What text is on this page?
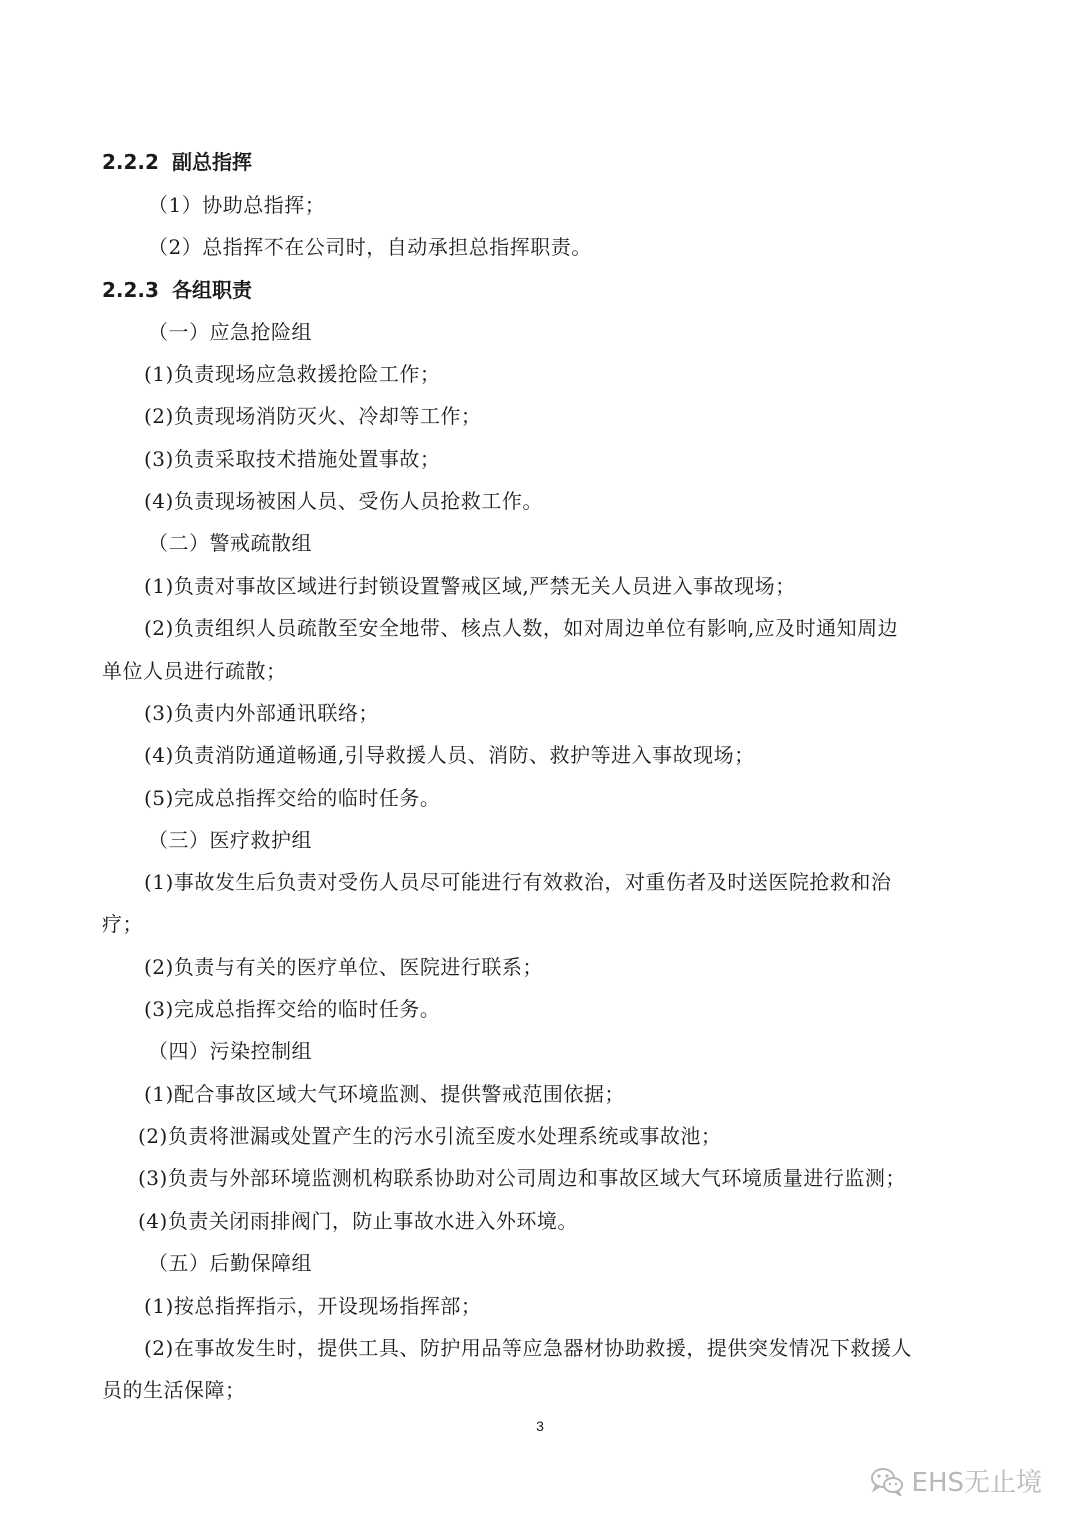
2.2.2 副总指挥
（1）协助总指挥；
（2）总指挥不在公司时，自动承担总指挥职责。
2.2.3 各组职责
（一）应急抢险组
(1)负责现场应急救援抢险工作；
(2)负责现场消防灭火、冷却等工作；
(3)负责采取技术措施处置事故；
(4)负责现场被困人员、受伤人员抢救工作。
（二）警戒疏散组
(1)负责对事故区域进行封锁设置警戒区域,严禁无关人员进入事故现场；
(2)负责组织人员疏散至安全地带、核点人数，如对周边单位有影响,应及时通知周边
单位人员进行疏散；
(3)负责内外部通讯联络；
(4)负责消防通道畅通,引导救援人员、消防、救护等进入事故现场；
(5)完成总指挥交给的临时任务。
（三）医疗救护组
(1)事故发生后负责对受伤人员尽可能进行有效救治，对重伤者及时送医院抢救和治
疗；
(2)负责与有关的医疗单位、医院进行联系；
(3)完成总指挥交给的临时任务。
（四）污染控制组
(1)配合事故区域大气环境监测、提供警戒范围依据；
(2)负责将泄漏或处置产生的污水引流至废水处理系统或事故池；
(3)负责与外部环境监测机构联系协助对公司周边和事故区域大气环境质量进行监测；
(4)负责关闭雨排阀门，防止事故水进入外环境。
（五）后勤保障组
(1)按总指挥指示，开设现场指挥部；
(2)在事故发生时，提供工具、防护用品等应急器材协助救援，提供突发情况下救援人
员的生活保障；
3
EHS无止境
